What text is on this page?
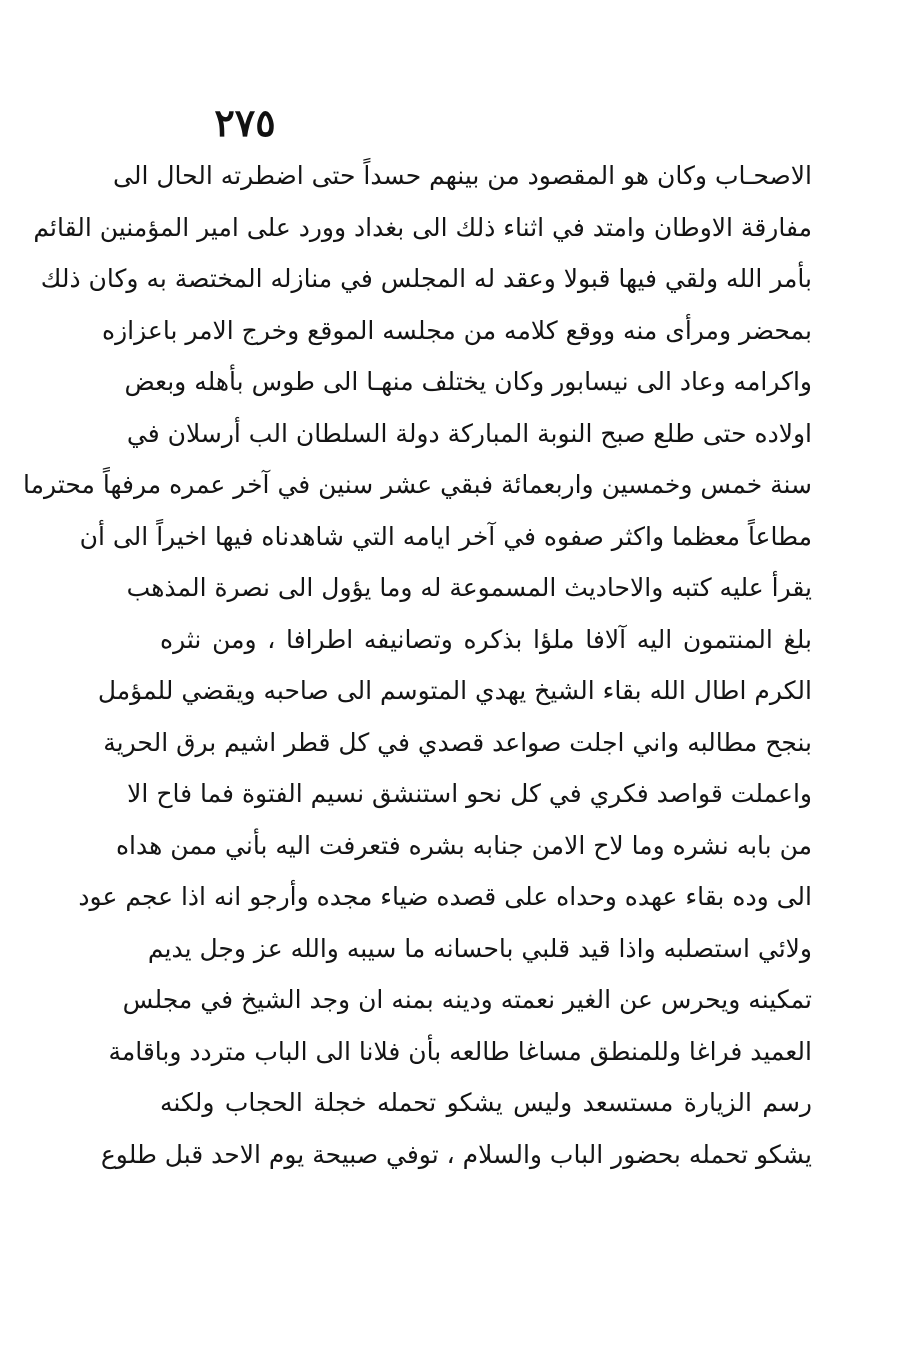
٢٧٥
الاصحـاب وكان هو المقصود من بينهم حسداً حتى اضطرته الحال الى
مفارقة الاوطان وامتد في اثناء ذلك الى بغداد وورد على امير المؤمنين القائم
بأمر الله ولقي فيها قبولا وعقد له المجلس في منازله المختصة به وكان ذلك
بمحضر ومرأى منه ووقع كلامه من مجلسه الموقع وخرج الامر باعزازه
واكرامه وعاد الى نيسابور وكان يختلف منهـا الى طوس بأهله وبعض
اولاده حتى طلع صبح النوبة المباركة دولة السلطان الب أرسلان في
سنة خمس وخمسين واربعمائة فبقي عشر سنين في آخر عمره مرفهاً محترما
مطاعاً معظما واكثر صفوه في آخر ايامه التي شاهدناه فيها اخيراً الى أن
يقرأ عليه كتبه والاحاديث المسموعة له وما يؤول الى نصرة المذهب
بلغ المنتمون اليه آلافا ملؤا بذكره وتصانيفه اطرافا ، ومن نثره
الكرم اطال الله بقاء الشيخ يهدي المتوسم الى صاحبه ويقضي للمؤمل
بنجح مطالبه واني اجلت صواعد قصدي في كل قطر اشيم برق الحرية
واعملت قواصد فكري في كل نحو استنشق نسيم الفتوة فما فاح الا
من بابه نشره وما لاح الامن جنابه بشره فتعرفت اليه بأني ممن هداه
الى وده بقاء عهده وحداه على قصده ضياء مجده وأرجو انه اذا عجم عود
ولائي استصلبه واذا قيد قلبي باحسانه ما سيبه والله عز وجل يديم
تمكينه ويحرس عن الغير نعمته ودينه بمنه ان وجد الشيخ في مجلس
العميد فراغا وللمنطق مساغا طالعه بأن فلانا الى الباب متردد وباقامة
رسم الزيارة مستسعد وليس يشكو تحمله خجلة الحجاب ولكنه
يشكو تحمله بحضور الباب والسلام ، توفي صبيحة يوم الاحد قبل طلوع
